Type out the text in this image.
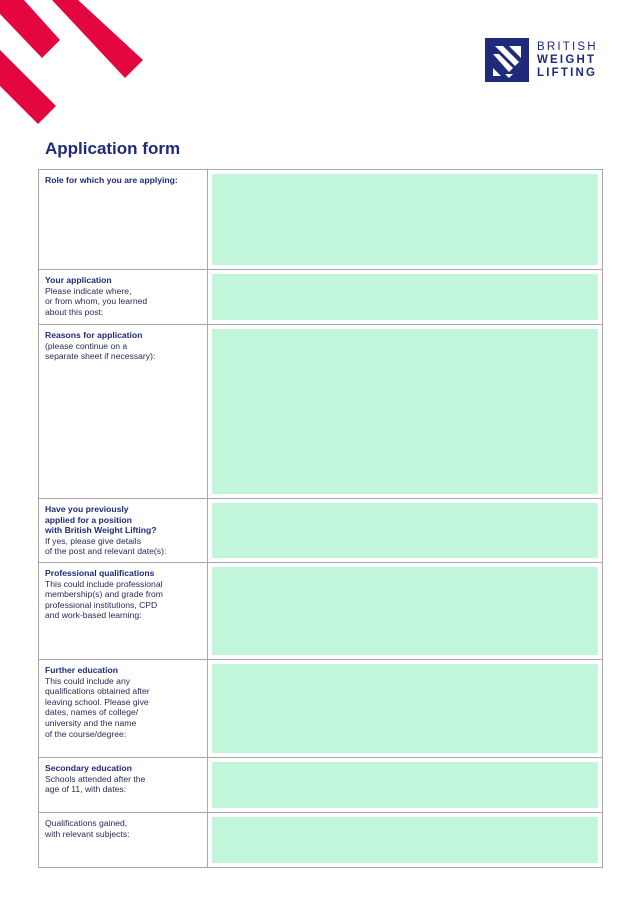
BRITISH
WEIGHT
LIFTING
Application form
Role for which you are applying:
Your application
Please indicate where,
or from whom, you learned
about this post:
Reasons for application
(please continue on a
separate sheet if necessary):
Have you previously
applied for a position
with British Weight Lifting?
If yes, please give details
of the post and relevant date(s):
Professional qualifications
This could include professional
membership(s) and grade from
professional institutions, CPD
and work-based learning:
Further education
This could include any
qualifications obtained after
leaving school. Please give
dates, names of college/
university and the name
of the course/degree:
Secondary education
Schools attended after the
age of 11, with dates:
Qualifications gained,
with relevant subjects:
